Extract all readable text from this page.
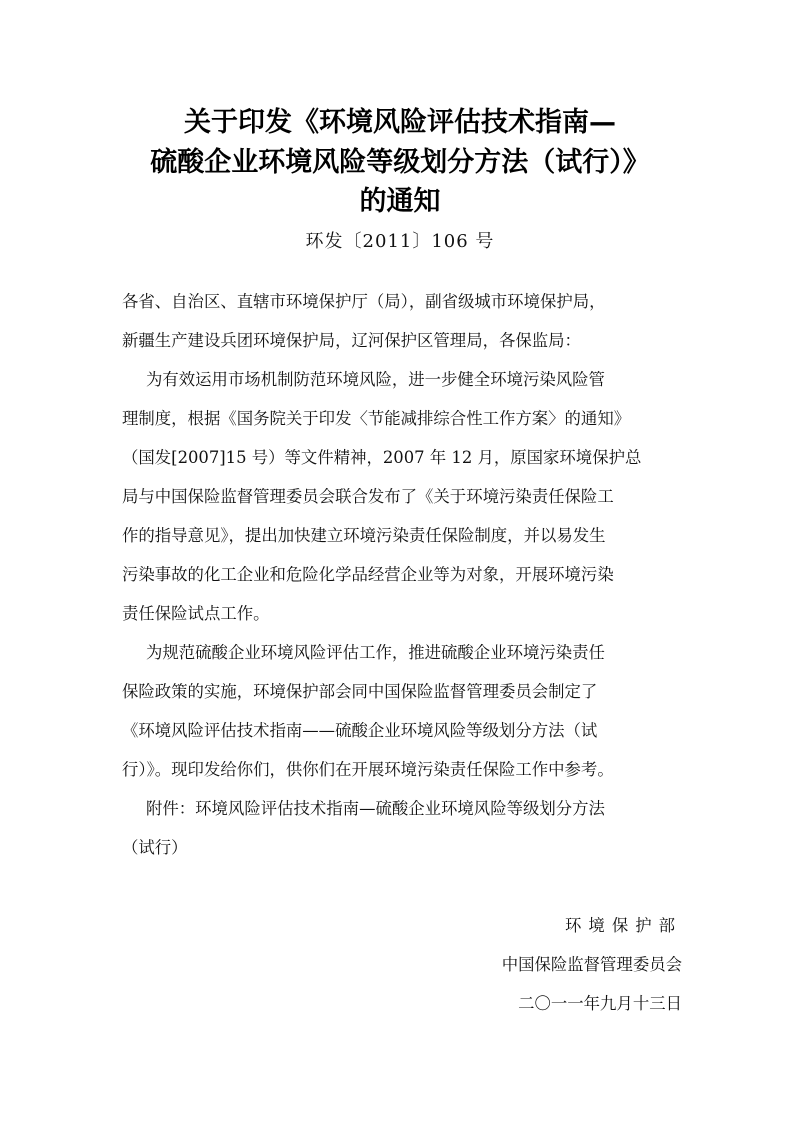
关于印发《环境风险评估技术指南—
硫酸企业环境风险等级划分方法（试行）》
的通知
环发〔2011〕106 号
各省、自治区、直辖市环境保护厅（局），副省级城市环境保护局，
新疆生产建设兵团环境保护局，辽河保护区管理局，各保监局：
为有效运用市场机制防范环境风险，进一步健全环境污染风险管
理制度，根据《国务院关于印发〈节能减排综合性工作方案〉的通知》
（国发[2007]15 号）等文件精神，2007 年 12 月，原国家环境保护总
局与中国保险监督管理委员会联合发布了《关于环境污染责任保险工
作的指导意见》，提出加快建立环境污染责任保险制度，并以易发生
污染事故的化工企业和危险化学品经营企业等为对象，开展环境污染
责任保险试点工作。
为规范硫酸企业环境风险评估工作，推进硫酸企业环境污染责任
保险政策的实施，环境保护部会同中国保险监督管理委员会制定了
《环境风险评估技术指南——硫酸企业环境风险等级划分方法（试
行）》。现印发给你们，供你们在开展环境污染责任保险工作中参考。
附件：环境风险评估技术指南—硫酸企业环境风险等级划分方法
（试行）
环境保护部
中国保险监督管理委员会
二〇一一年九月十三日
